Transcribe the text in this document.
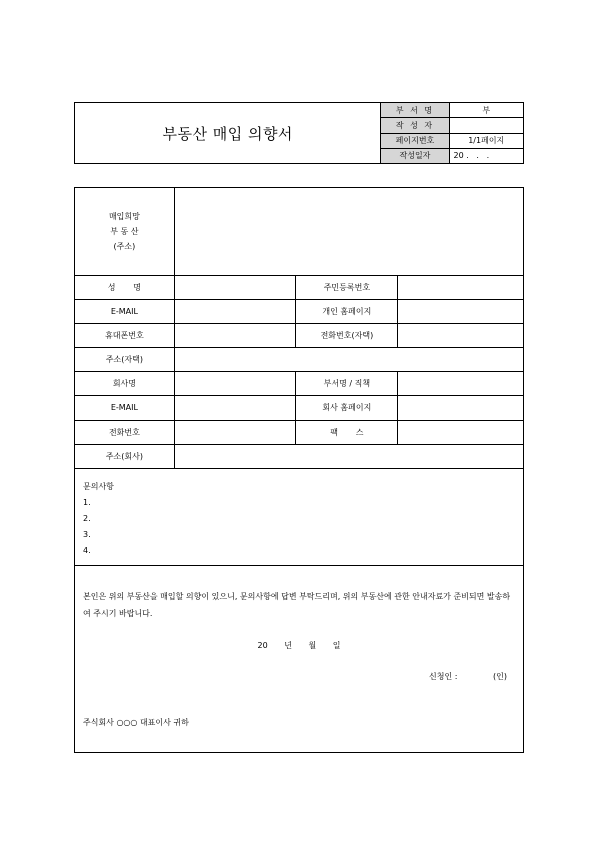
부동산 매입 의향서	부 서 명	부
	작 성 자	
	페이지번호	1/1페이지
	작성일자	20 .   .   .
매입희망
부 동 산
(주소)			

성       명		주민등록번호	
E-MAIL		개인 홈페이지	
휴대폰번호		전화번호(자택)	
주소(자택)			
회사명		부서명 / 직책	
E-MAIL		회사 홈페이지	
전화번호		팩       스	
주소(회사)			

문의사항
1.
2.
3.
4.			

본인은 위의 부동산을 매입할 의향이 있으니, 문의사항에 답변 부탁드리며, 위의 부동산에 관한 안내자료가 준비되면 발송하여 주시기 바랍니다.
20 년 월 일
신청인 :              (인)
주식회사 ○○○ 대표이사 귀하			
